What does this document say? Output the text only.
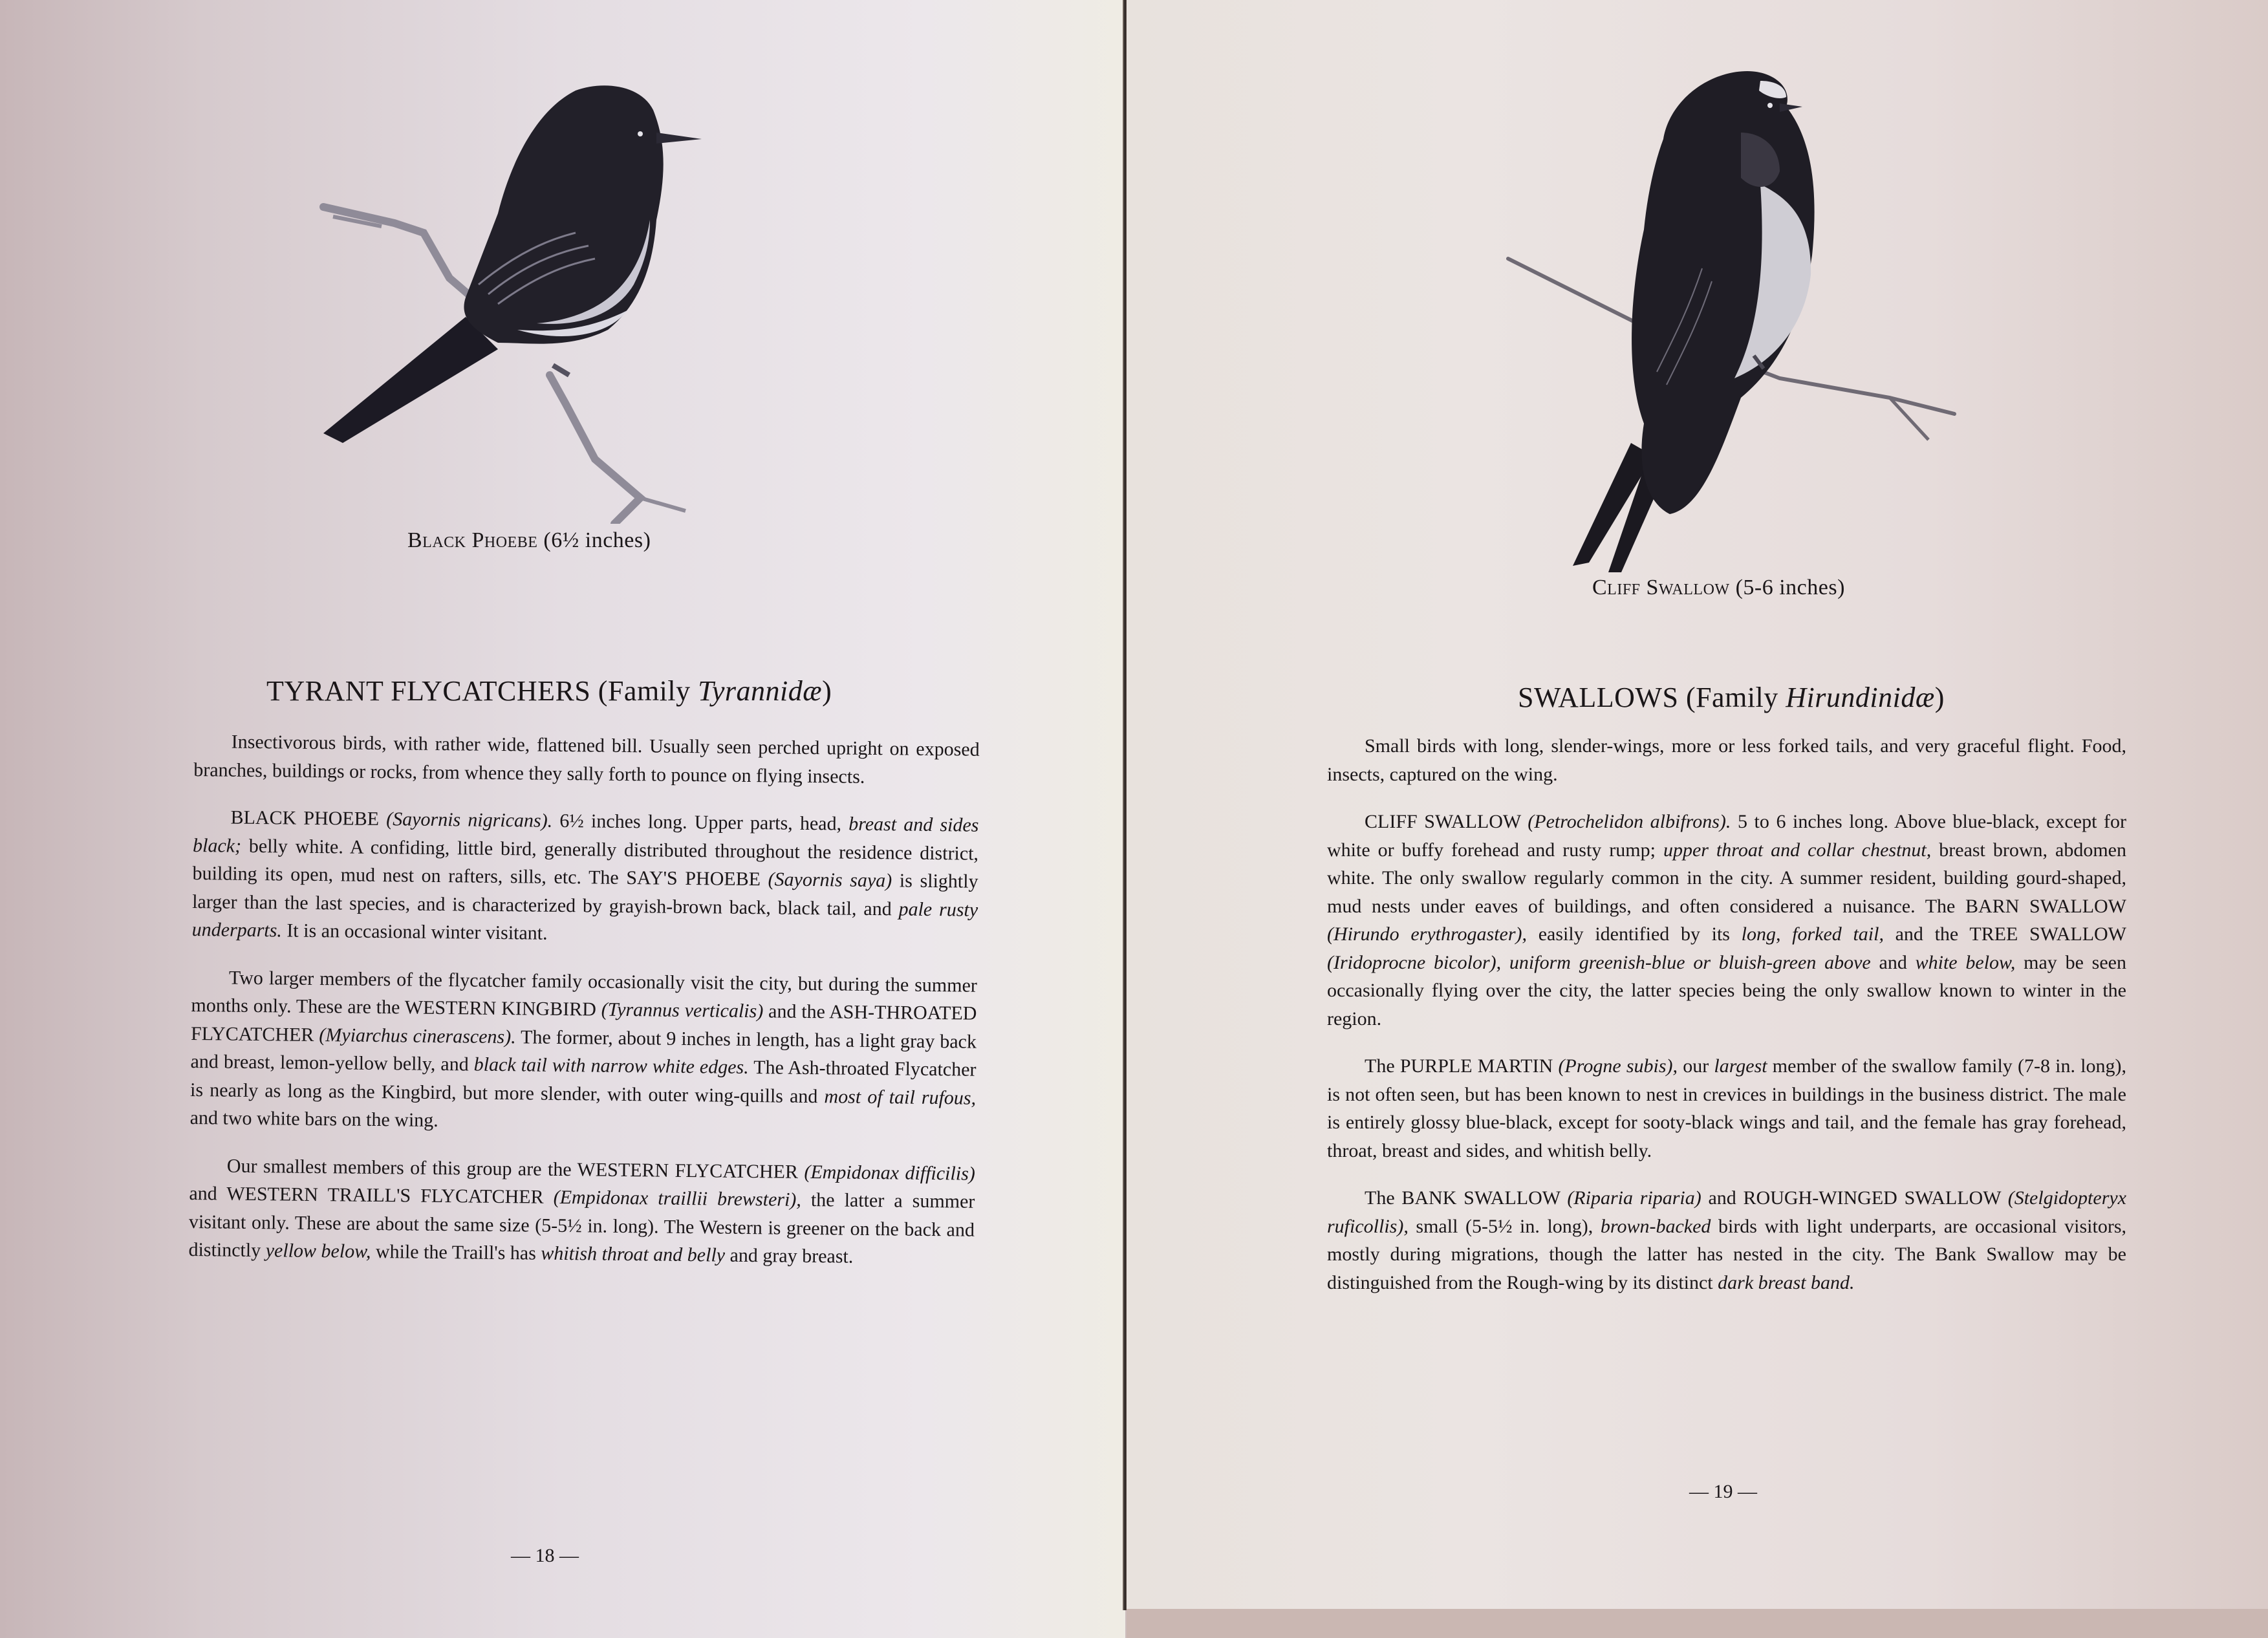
Black Phoebe (6½ inches)
TYRANT FLYCATCHERS (Family Tyrannidæ)

Insectivorous birds, with rather wide, flattened bill. Usually seen perched upright on exposed branches, buildings or rocks, from whence they sally forth to pounce on flying insects.

BLACK PHOEBE (Sayornis nigricans). 6½ inches long. Upper parts, head, breast and sides black; belly white. A confiding, little bird, generally distributed throughout the residence district, building its open, mud nest on rafters, sills, etc. The SAY'S PHOEBE (Sayornis saya) is slightly larger than the last species, and is characterized by grayish-brown back, black tail, and pale rusty underparts. It is an occasional winter visitant.

Two larger members of the flycatcher family occasionally visit the city, but during the summer months only. These are the WESTERN KINGBIRD (Tyrannus verticalis) and the ASH-THROATED FLYCATCHER (Myiarchus cinerascens). The former, about 9 inches in length, has a light gray back and breast, lemon-yellow belly, and black tail with narrow white edges. The Ash-throated Flycatcher is nearly as long as the Kingbird, but more slender, with outer wing-quills and most of tail rufous, and two white bars on the wing.

Our smallest members of this group are the WESTERN FLYCATCHER (Empidonax difficilis) and WESTERN TRAILL'S FLYCATCHER (Empidonax traillii brewsteri), the latter a summer visitant only. These are about the same size (5-5½ in. long). The Western is greener on the back and distinctly yellow below, while the Traill's has whitish throat and belly and gray breast.

— 18 —
Cliff Swallow (5-6 inches)
SWALLOWS (Family Hirundinidæ)

Small birds with long, slender-wings, more or less forked tails, and very graceful flight. Food, insects, captured on the wing.

CLIFF SWALLOW (Petrochelidon albifrons). 5 to 6 inches long. Above blue-black, except for white or buffy forehead and rusty rump; upper throat and collar chestnut, breast brown, abdomen white. The only swallow regularly common in the city. A summer resident, building gourd-shaped, mud nests under eaves of buildings, and often considered a nuisance. The BARN SWALLOW (Hirundo erythrogaster), easily identified by its long, forked tail, and the TREE SWALLOW (Iridoprocne bicolor), uniform greenish-blue or bluish-green above and white below, may be seen occasionally flying over the city, the latter species being the only swallow known to winter in the region.

The PURPLE MARTIN (Progne subis), our largest member of the swallow family (7-8 in. long), is not often seen, but has been known to nest in crevices in buildings in the business district. The male is entirely glossy blue-black, except for sooty-black wings and tail, and the female has gray forehead, throat, breast and sides, and whitish belly.

The BANK SWALLOW (Riparia riparia) and ROUGH-WINGED SWALLOW (Stelgidopteryx ruficollis), small (5-5½ in. long), brown-backed birds with light underparts, are occasional visitors, mostly during migrations, though the latter has nested in the city. The Bank Swallow may be distinguished from the Rough-wing by its distinct dark breast band.

— 19 —
